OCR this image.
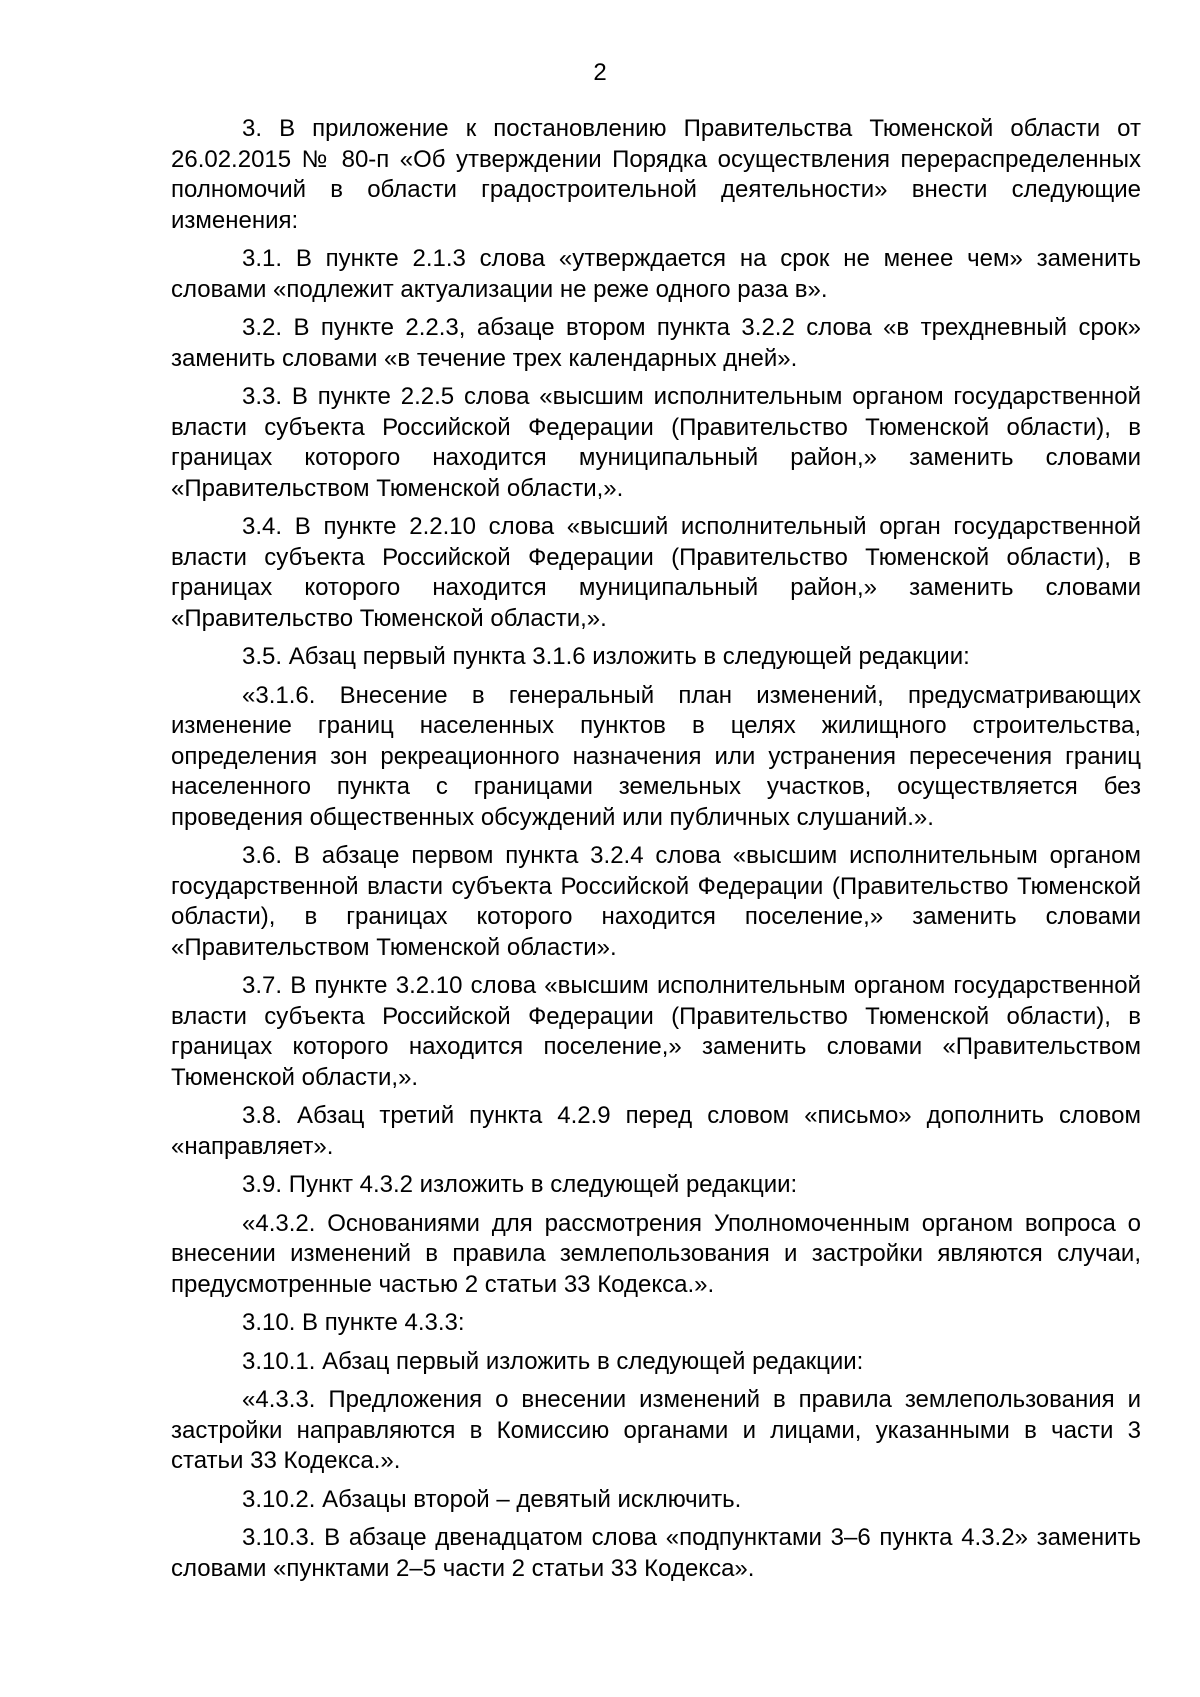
2

3. В приложение к постановлению Правительства Тюменской области от 26.02.2015 № 80-п «Об утверждении Порядка осуществления перераспределенных полномочий в области градостроительной деятельности» внести следующие изменения:

3.1. В пункте 2.1.3 слова «утверждается на срок не менее чем» заменить словами «подлежит актуализации не реже одного раза в».

3.2. В пункте 2.2.3, абзаце втором пункта 3.2.2 слова «в трехдневный срок» заменить словами «в течение трех календарных дней».

3.3. В пункте 2.2.5 слова «высшим исполнительным органом государственной власти субъекта Российской Федерации (Правительство Тюменской области), в границах которого находится муниципальный район,» заменить словами «Правительством Тюменской области,».

3.4. В пункте 2.2.10 слова «высший исполнительный орган государственной власти субъекта Российской Федерации (Правительство Тюменской области), в границах которого находится муниципальный район,» заменить словами «Правительство Тюменской области,».

3.5. Абзац первый пункта 3.1.6 изложить в следующей редакции:

«3.1.6. Внесение в генеральный план изменений, предусматривающих изменение границ населенных пунктов в целях жилищного строительства, определения зон рекреационного назначения или устранения пересечения границ населенного пункта с границами земельных участков, осуществляется без проведения общественных обсуждений или публичных слушаний.».

3.6. В абзаце первом пункта 3.2.4 слова «высшим исполнительным органом государственной власти субъекта Российской Федерации (Правительство Тюменской области), в границах которого находится поселение,» заменить словами «Правительством Тюменской области».

3.7. В пункте 3.2.10 слова «высшим исполнительным органом государственной власти субъекта Российской Федерации (Правительство Тюменской области), в границах которого находится поселение,» заменить словами «Правительством Тюменской области,».

3.8. Абзац третий пункта 4.2.9 перед словом «письмо» дополнить словом «направляет».

3.9. Пункт 4.3.2 изложить в следующей редакции:

«4.3.2. Основаниями для рассмотрения Уполномоченным органом вопроса о внесении изменений в правила землепользования и застройки являются случаи, предусмотренные частью 2 статьи 33 Кодекса.».

3.10. В пункте 4.3.3:

3.10.1. Абзац первый изложить в следующей редакции:

«4.3.3. Предложения о внесении изменений в правила землепользования и застройки направляются в Комиссию органами и лицами, указанными в части 3 статьи 33 Кодекса.».

3.10.2. Абзацы второй – девятый исключить.

3.10.3. В абзаце двенадцатом слова «подпунктами 3–6 пункта 4.3.2» заменить словами «пунктами 2–5 части 2 статьи 33 Кодекса».
